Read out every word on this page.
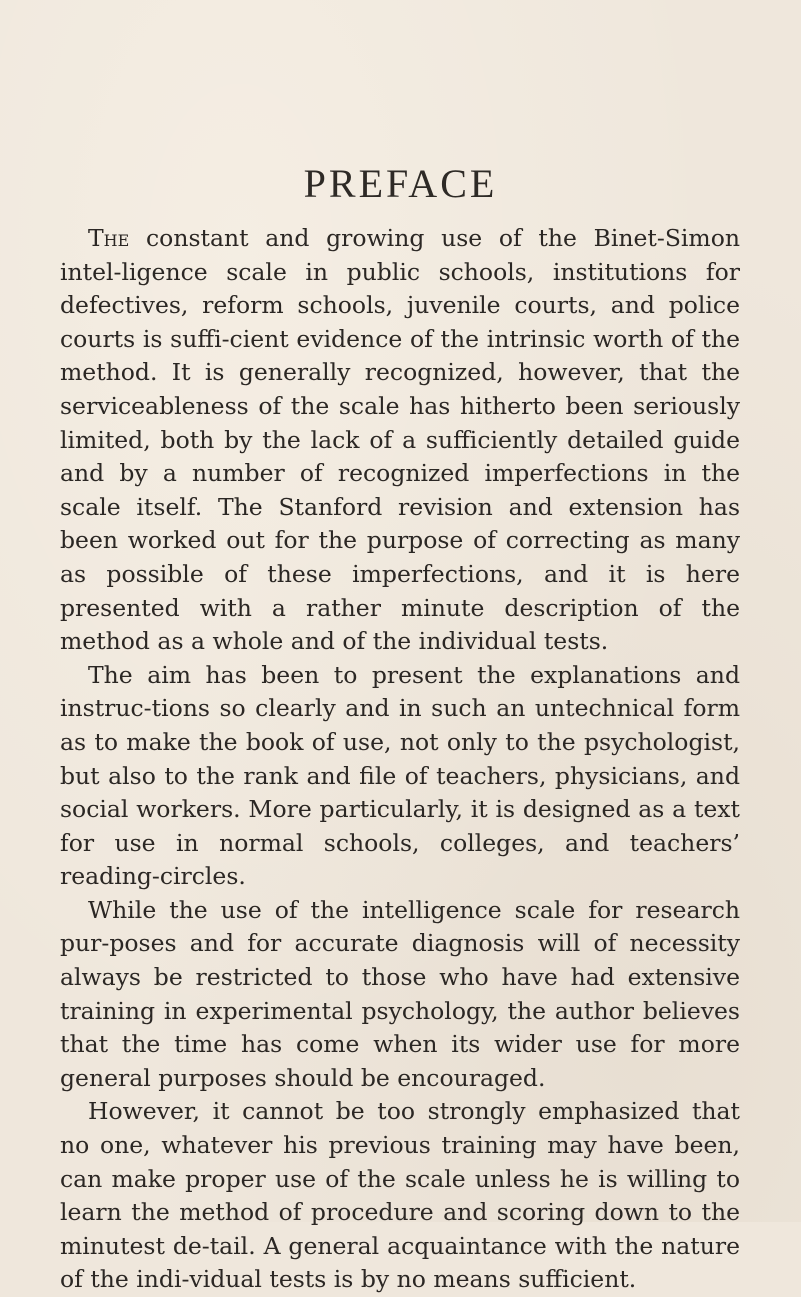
PREFACE

The constant and growing use of the Binet-Simon intel-ligence scale in public schools, institutions for defectives, reform schools, juvenile courts, and police courts is suffi-cient evidence of the intrinsic worth of the method. It is generally recognized, however, that the serviceableness of the scale has hitherto been seriously limited, both by the lack of a sufficiently detailed guide and by a number of recognized imperfections in the scale itself. The Stanford revision and extension has been worked out for the purpose of correcting as many as possible of these imperfections, and it is here presented with a rather minute description of the method as a whole and of the individual tests.

The aim has been to present the explanations and instruc-tions so clearly and in such an untechnical form as to make the book of use, not only to the psychologist, but also to the rank and file of teachers, physicians, and social workers. More particularly, it is designed as a text for use in normal schools, colleges, and teachers’ reading-circles.

While the use of the intelligence scale for research pur-poses and for accurate diagnosis will of necessity always be restricted to those who have had extensive training in experimental psychology, the author believes that the time has come when its wider use for more general purposes should be encouraged.

However, it cannot be too strongly emphasized that no one, whatever his previous training may have been, can make proper use of the scale unless he is willing to learn the method of procedure and scoring down to the minutest de-tail. A general acquaintance with the nature of the indi-vidual tests is by no means sufficient.
